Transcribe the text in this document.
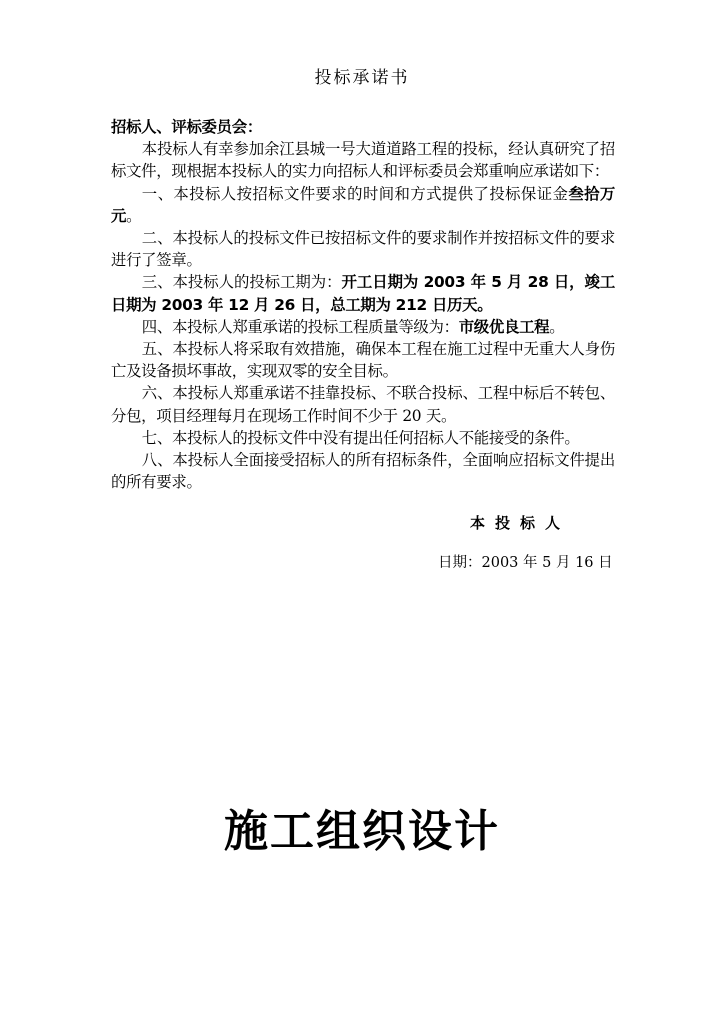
投标承诺书
招标人、评标委员会：
本投标人有幸参加余江县城一号大道道路工程的投标，经认真研究了招标文件，现根据本投标人的实力向招标人和评标委员会郑重响应承诺如下：
一、本投标人按招标文件要求的时间和方式提供了投标保证金叁拾万元。
二、本投标人的投标文件已按招标文件的要求制作并按招标文件的要求进行了签章。
三、本投标人的投标工期为：开工日期为 2003 年 5 月 28 日，竣工日期为 2003 年 12 月 26 日，总工期为 212 日历天。
四、本投标人郑重承诺的投标工程质量等级为：市级优良工程。
五、本投标人将采取有效措施，确保本工程在施工过程中无重大人身伤亡及设备损坏事故，实现双零的安全目标。
六、本投标人郑重承诺不挂靠投标、不联合投标、工程中标后不转包、分包，项目经理每月在现场工作时间不少于 20 天。
七、本投标人的投标文件中没有提出任何招标人不能接受的条件。
八、本投标人全面接受招标人的所有招标条件，全面响应招标文件提出的所有要求。
本投标人
日期：2003 年 5 月 16 日
施工组织设计
